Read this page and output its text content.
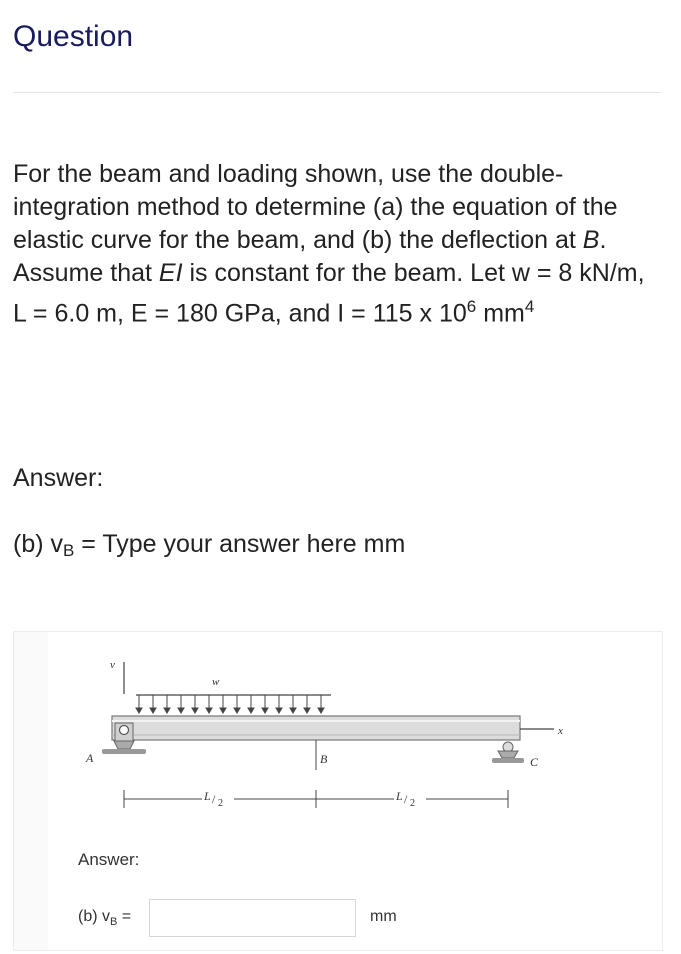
Question
For the beam and loading shown, use the double-integration method to determine (a) the equation of the elastic curve for the beam, and (b) the deflection at B. Assume that EI is constant for the beam. Let w = 8 kN/m, L = 6.0 m, E = 180 GPa, and I = 115 x $10^6$ $mm^4$
Answer:
(b) $v_B$ = Type your answer here mm
v
w
x
A	C
B
L / 2
L / 2
Answer:
(b) $v_B$ =	mm
